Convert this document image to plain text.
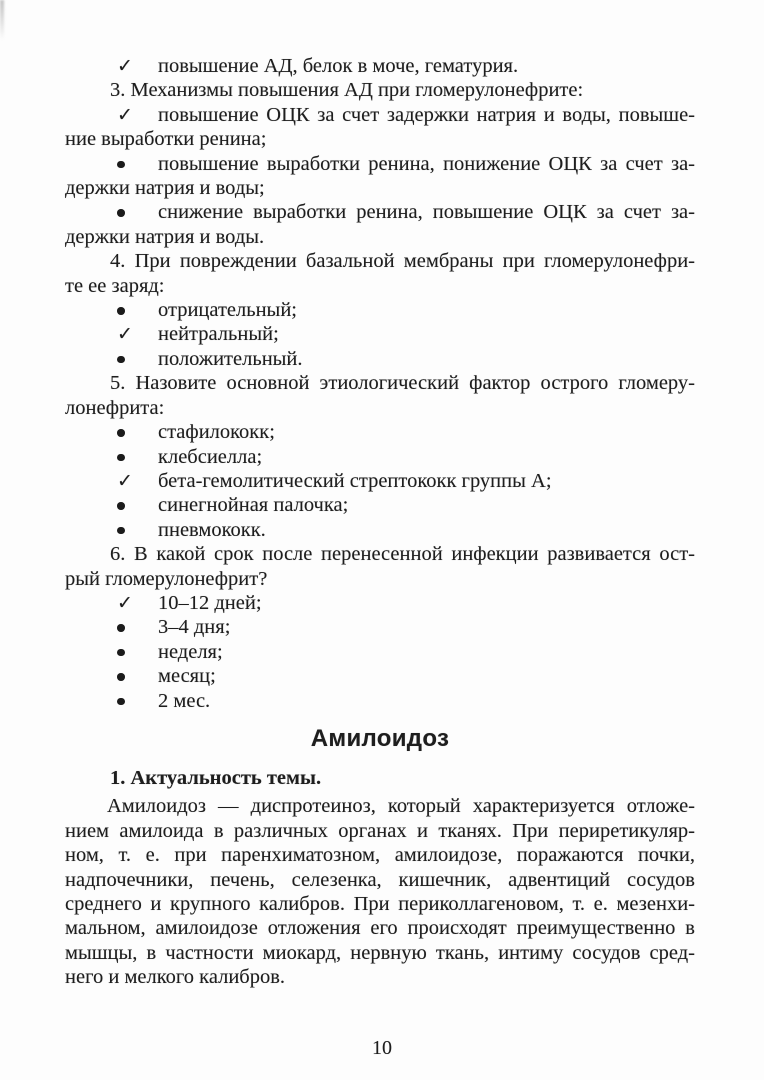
✓ повышение АД, белок в моче, гематурия.
3. Механизмы повышения АД при гломерулонефрите:
✓ повышение ОЦК за счет задержки натрия и воды, повыше-
ние выработки ренина;
повышение выработки ренина, понижение ОЦК за счет за-
держки натрия и воды;
снижение выработки ренина, повышение ОЦК за счет за-
держки натрия и воды.
4. При повреждении базальной мембраны при гломерулонефри-
те ее заряд:
отрицательный;
✓ нейтральный;
положительный.
5. Назовите основной этиологический фактор острого гломеру-
лонефрита:
стафилококк;
клебсиелла;
✓ бета-гемолитический стрептококк группы А;
синегнойная палочка;
пневмококк.
6. В какой срок после перенесенной инфекции развивается ост-
рый гломерулонефрит?
✓ 10–12 дней;
3–4 дня;
неделя;
месяц;
2 мес.
Амилоидоз
1. Актуальность темы.
Амилоидоз — диспротеиноз, который характеризуется отложе-
нием амилоида в различных органах и тканях. При периретикуляр-
ном, т. е. при паренхиматозном, амилоидозе, поражаются почки,
надпочечники, печень, селезенка, кишечник, адвентиций сосудов
среднего и крупного калибров. При периколлагеновом, т. е. мезенхи-
мальном, амилоидозе отложения его происходят преимущественно в
мышцы, в частности миокард, нервную ткань, интиму сосудов сред-
него и мелкого калибров.
10
